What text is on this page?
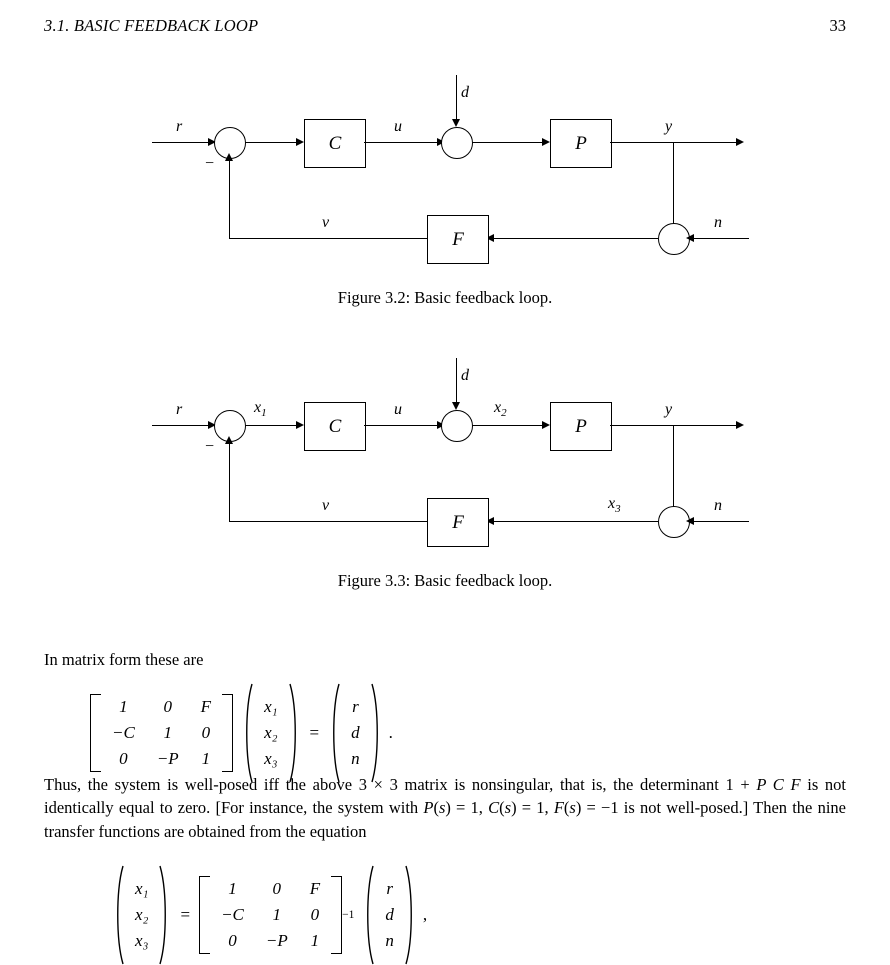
3.1. BASIC FEEDBACK LOOP	33
r
−
C
u
d
P
y
n
F
v
Figure 3.2: Basic feedback loop.
r
−
$x_1$
C
u
d
$x_2$
P
y
n
$x_3$
F
v
Figure 3.3: Basic feedback loop.
In matrix form these are
1	0	F
−C	1	0
0	−P	1
x₁
x₂
x₃
=
r
d
n
.
Thus, the system is well-posed iff the above 3 × 3 matrix is nonsingular, that is, the determinant 1 + P C F is not identically equal to zero. [For instance, the system with P(s) = 1, C(s) = 1, F(s) = −1 is not well-posed.] Then the nine transfer functions are obtained from the equation
x₁
x₂
x₃
=
1	0	F
−C	1	0
0	−P	1
−1
r
d
n
,
